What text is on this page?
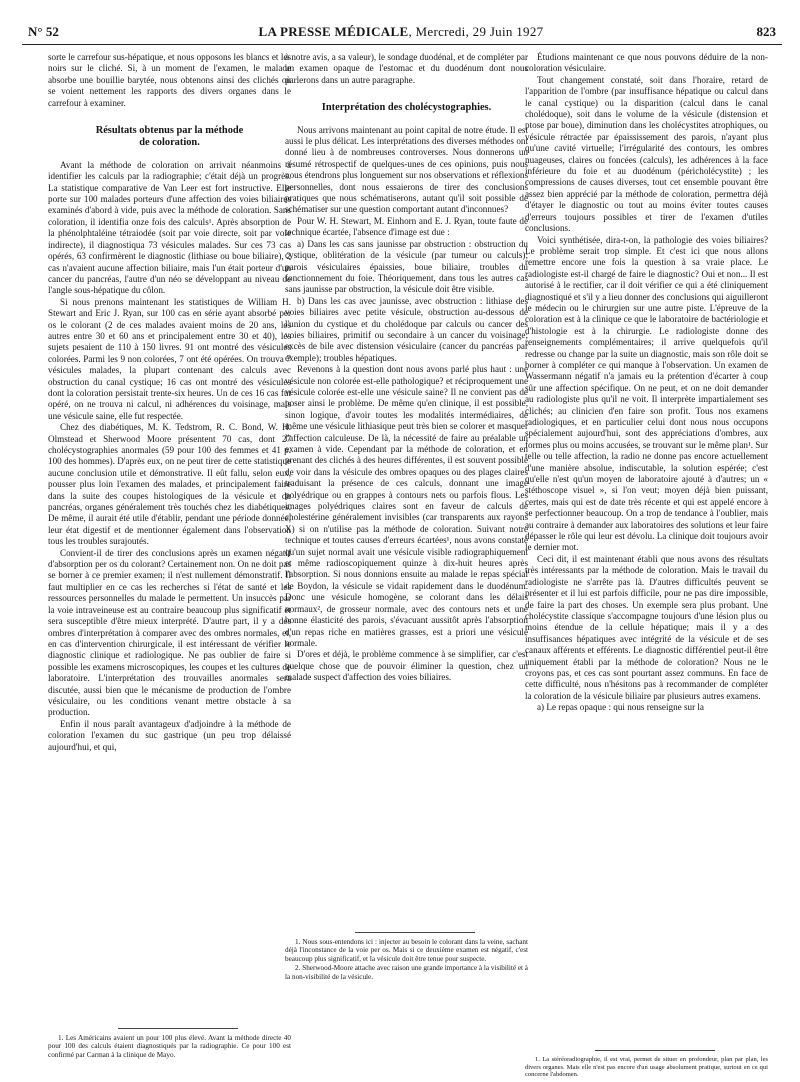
N° 52	LA PRESSE MÉDICALE, Mercredi, 29 Juin 1927	823

sorte le carrefour sus-hépatique, et nous opposons les blancs et les noirs sur le cliché. Si, à un moment de l'examen, le malade absorbe une bouillie barytée, nous obtenons ainsi des clichés où se voient nettement les rapports des divers organes dans le carrefour à examiner.

Résultats obtenus par la méthode
de coloration.

Avant la méthode de coloration on arrivait néanmoins à identifier les calculs par la radiographie; c'était déjà un progrès. La statistique comparative de Van Leer est fort instructive. Elle porte sur 100 malades porteurs d'une affection des voies biliaires examinés d'abord à vide, puis avec la méthode de coloration. Sans coloration, il identifia onze fois des calculs¹. Après absorption de la phénolphtaléine tétraiodée (soit par voie directe, soit par voie indirecte), il diagnostiqua 73 vésicules malades. Sur ces 73 cas opérés, 63 confirmèrent le diagnostic (lithiase ou boue biliaire), 2 cas n'avaient aucune affection biliaire, mais l'un était porteur d'un cancer du pancréas, l'autre d'un néo se développant au niveau de l'angle sous-hépatique du côlon.

Si nous prenons maintenant les statistiques de William H. Stewart and Eric J. Ryan, sur 100 cas en série ayant absorbé per os le colorant (2 de ces malades avaient moins de 20 ans, les autres entre 30 et 60 ans et principalement entre 30 et 40), les sujets pesaient de 110 à 150 livres. 91 ont montré des vésicules colorées. Parmi les 9 non colorées, 7 ont été opérées. On trouva 7 vésicules malades, la plupart contenant des calculs avec obstruction du canal cystique; 16 cas ont montré des vésicules dont la coloration persistait trente-six heures. Un de ces 16 cas fut opéré, on ne trouva ni calcul, ni adhérences du voisinage, mais une vésicule saine, elle fut respectée.

Chez des diabétiques, M. K. Tedstrom, R. C. Bond, W. H. Olmstead et Sherwood Moore présentent 70 cas, dont 27 cholécystographies anormales (59 pour 100 des femmes et 41 p. 100 des hommes). D'après eux, on ne peut tirer de cette statistique aucune conclusion utile et démonstrative. Il eût fallu, selon eux, pousser plus loin l'examen des malades, et principalement faire dans la suite des coupes histologiques de la vésicule et du pancréas, organes généralement très touchés chez les diabétiques. De même, il aurait été utile d'établir, pendant une période donnée, leur état digestif et de mentionner également dans l'observation tous les troubles surajoutés.

Convient-il de tirer des conclusions après un examen négatif d'absorption per os du colorant? Certainement non. On ne doit pas se borner à ce premier examen; il n'est nullement démonstratif. Il faut multiplier en ce cas les recherches si l'état de santé et les ressources personnelles du malade le permettent. Un insuccès par la voie intraveineuse est au contraire beaucoup plus significatif et sera susceptible d'être mieux interprété. D'autre part, il y a des ombres d'interprétation à comparer avec des ombres normales, et, en cas d'intervention chirurgicale, il est intéressant de vérifier le diagnostic clinique et radiologique. Ne pas oublier de faire si possible les examens microscopiques, les coupes et les cultures de laboratoire. L'interprétation des trouvailles anormales sera discutée, aussi bien que le mécanisme de production de l'ombre vésiculaire, ou les conditions venant mettre obstacle à sa production.

Enfin il nous paraît avantageux d'adjoindre à la méthode de coloration l'examen du suc gastrique (un peu trop délaissé aujourd'hui, et qui,

à notre avis, a sa valeur), le sondage duodénal, et de compléter par un examen opaque de l'estomac et du duodénum dont nous parlerons dans un autre paragraphe.

Interprétation des cholécystographies.

Nous arrivons maintenant au point capital de notre étude. Il est aussi le plus délicat. Les interprétations des diverses méthodes ont donné lieu à de nombreuses controverses. Nous donnerons un résumé rétrospectif de quelques-unes de ces opinions, puis nous nous étendrons plus longuement sur nos observations et réflexions personnelles, dont nous essaierons de tirer des conclusions pratiques que nous schématiserons, autant qu'il soit possible de schématiser sur une question comportant autant d'inconnues?

Pour W. H. Stewart, M. Einhorn and E. J. Ryan, toute faute de technique écartée, l'absence d'image est due :

a) Dans les cas sans jaunisse par obstruction : obstruction du cystique, oblitération de la vésicule (par tumeur ou calculs); parois vésiculaires épaissies, boue biliaire, troubles du fonctionnement du foie. Théoriquement, dans tous les autres cas sans jaunisse par obstruction, la vésicule doit être visible.

b) Dans les cas avec jaunisse, avec obstruction : lithiase des voies biliaires avec petite vésicule, obstruction au-dessous de l'union du cystique et du cholédoque par calculs ou cancer des voies biliaires, primitif ou secondaire à un cancer du voisinage; excès de bile avec distension vésiculaire (cancer du pancréas par exemple); troubles hépatiques.

Revenons à la question dont nous avons parlé plus haut : une vésicule non colorée est-elle pathologique? et réciproquement une vésicule colorée est-elle une vésicule saine? Il ne convient pas de poser ainsi le problème. De même qu'en clinique, il est possible, sinon logique, d'avoir toutes les modalités intermédiaires, de même une vésicule lithiasique peut très bien se colorer et masquer l'affection calculeuse. De là, la nécessité de faire au préalable un examen à vide. Cependant par la méthode de coloration, et en prenant des clichés à des heures différentes, il est souvent possible de voir dans la vésicule des ombres opaques ou des plages claires traduisant la présence de ces calculs, donnant une image polyédrique ou en grappes à contours nets ou parfois flous. Les images polyédriques claires sont en faveur de calculs de cholestérine généralement invisibles (car transparents aux rayons X) si on n'utilise pas la méthode de coloration. Suivant notre technique et toutes causes d'erreurs écartées¹, nous avons constaté qu'un sujet normal avait une vésicule visible radiographiquement et même radioscopiquement quinze à dix-huit heures après l'absorption. Si nous donnions ensuite au malade le repas spécial de Boydon, la vésicule se vidait rapidement dans le duodénum. Donc une vésicule homogène, se colorant dans les délais normaux², de grosseur normale, avec des contours nets et une bonne élasticité des parois, s'évacuant aussitôt après l'absorption d'un repas riche en matières grasses, est a priori une vésicule normale.

D'ores et déjà, le problème commence à se simplifier, car c'est quelque chose que de pouvoir éliminer la question, chez un malade suspect d'affection des voies biliaires.

Étudions maintenant ce que nous pouvons déduire de la non-coloration vésiculaire.

Tout changement constaté, soit dans l'horaire, retard de l'apparition de l'ombre (par insuffisance hépatique ou calcul dans le canal cystique) ou la disparition (calcul dans le canal cholédoque), soit dans le volume de la vésicule (distension et ptose par boue), diminution dans les cholécystites atrophiques, ou vésicule rétractée par épaississement des parois, n'ayant plus qu'une cavité virtuelle; l'irrégularité des contours, les ombres nuageuses, claires ou foncées (calculs), les adhérences à la face inférieure du foie et au duodénum (péricholécystite) ; les compressions de causes diverses, tout cet ensemble pouvant être assez bien apprécié par la méthode de coloration, permettra déjà d'étayer le diagnostic ou tout au moins éviter toutes causes d'erreurs toujours possibles et tirer de l'examen d'utiles conclusions.

Voici synthétisée, dira-t-on, la pathologie des voies biliaires? Le problème serait trop simple. Et c'est ici que nous allons remettre encore une fois la question à sa vraie place. Le radiologiste est-il chargé de faire le diagnostic? Oui et non... Il est autorisé à le rectifier, car il doit vérifier ce qui a été cliniquement diagnostiqué et s'il y a lieu donner des conclusions qui aiguilleront le médecin ou le chirurgien sur une autre piste. L'épreuve de la coloration est à la clinique ce que le laboratoire de bactériologie et d'histologie est à la chirurgie. Le radiologiste donne des renseignements complémentaires; il arrive quelquefois qu'il redresse ou change par la suite un diagnostic, mais son rôle doit se borner à compléter ce qui manque à l'observation. Un examen de Wassermann négatif n'a jamais eu la prétention d'écarter à coup sûr une affection spécifique. On ne peut, et on ne doit demander au radiologiste plus qu'il ne voit. Il interprète impartialement ses clichés; au clinicien d'en faire son profit. Tous nos examens radiologiques, et en particulier celui dont nous nous occupons spécialement aujourd'hui, sont des appréciations d'ombres, aux formes plus ou moins accusées, se trouvant sur le même plan¹. Sur telle ou telle affection, la radio ne donne pas encore actuellement d'une manière absolue, indiscutable, la solution espérée; c'est qu'elle n'est qu'un moyen de laboratoire ajouté à d'autres; un « stéthoscope visuel », si l'on veut; moyen déjà bien puissant, certes, mais qui est de date très récente et qui est appelé encore à se perfectionner beaucoup. On a trop de tendance à l'oublier, mais au contraire à demander aux laboratoires des solutions et leur faire dépasser le rôle qui leur est dévolu. La clinique doit toujours avoir le dernier mot.

Ceci dit, il est maintenant établi que nous avons des résultats très intéressants par la méthode de coloration. Mais le travail du radiologiste ne s'arrête pas là. D'autres difficultés peuvent se présenter et il lui est parfois difficile, pour ne pas dire impossible, de faire la part des choses. Un exemple sera plus probant. Une cholécystite classique s'accompagne toujours d'une lésion plus ou moins étendue de la cellule hépatique; mais il y a des insuffisances hépatiques avec intégrité de la vésicule et de ses canaux afférents et efférents. Le diagnostic différentiel peut-il être uniquement établi par la méthode de coloration? Nous ne le croyons pas, et ces cas sont pourtant assez communs. En face de cette difficulté, nous n'hésitons pas à recommander de compléter la coloration de la vésicule biliaire par plusieurs autres examens.

a) Le repas opaque : qui nous renseigne sur la

1. Les Américains avaient un pour 100 plus élevé. Avant la méthode directe 40 pour 100 des calculs étaient diagnostiqués par la radiographie. Ce pour 100 est confirmé par Carman à la clinique de Mayo.

1. Nous sous-entendons ici : injecter au besoin le colorant dans la veine, sachant déjà l'inconstance de la voie per os. Mais si ce deuxième examen est négatif, c'est beaucoup plus significatif, et la vésicule doit être tenue pour suspecte.

2. Sherwood-Moore attache avec raison une grande importance à la visibilité et à la non-visibilité de la vésicule.

1. La stéréoradiographie, il est vrai, permet de situer en profondeur, plan par plan, les divers organes. Mais elle n'est pas encore d'un usage absolument pratique, surtout en ce qui concerne l'abdomen.
